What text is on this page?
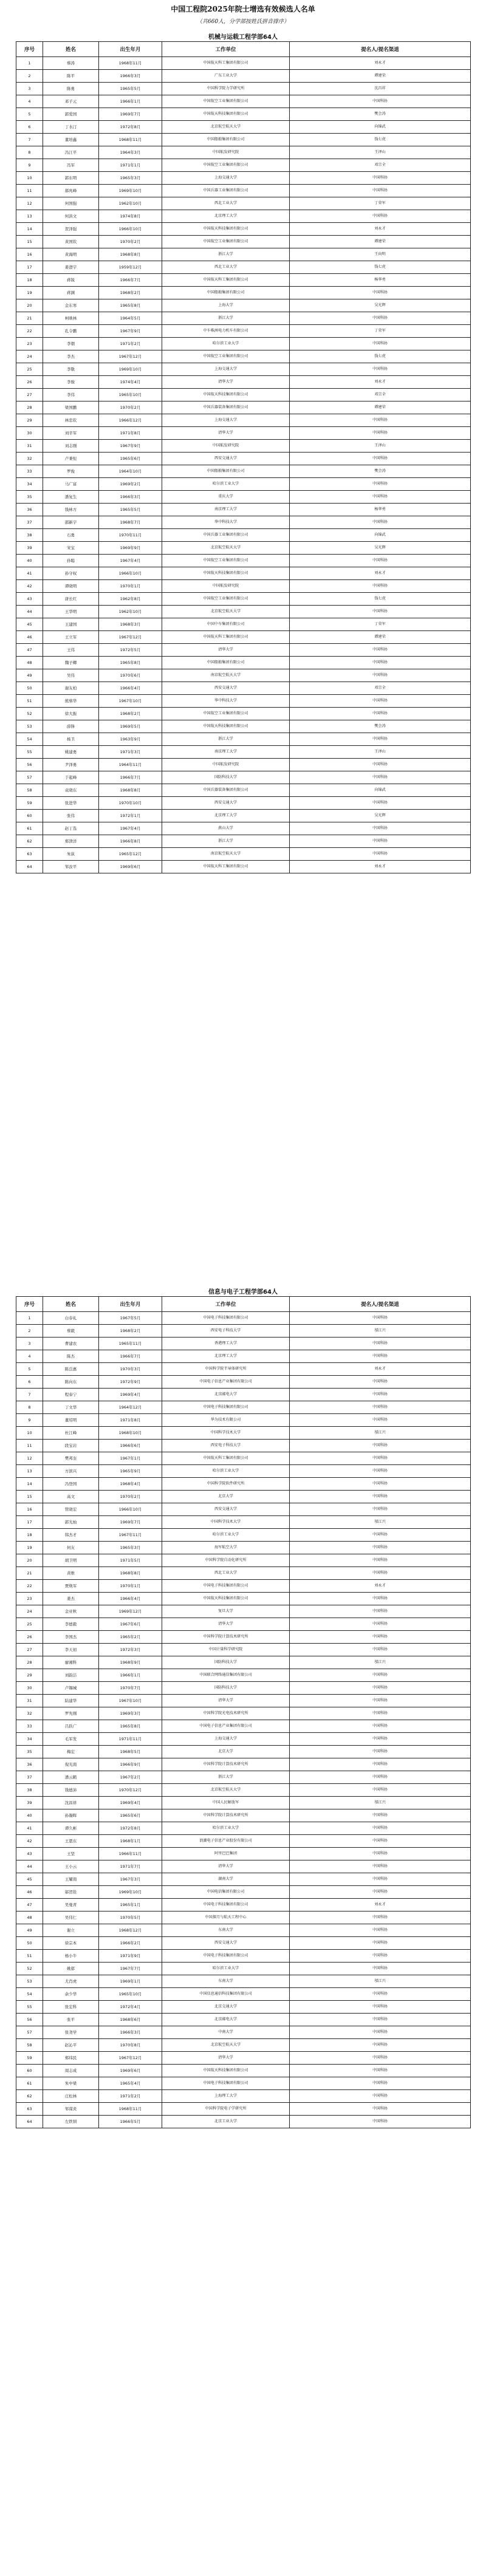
中国工程院2025年院士增选有效候选人名单
（共660人，分学部按姓氏拼音排序）
机械与运载工程学部64人
序号	姓名	出生年月	工作单位	提名人/提名渠道
1	蔡涛	1968年11月	中国航天科工集团有限公司	刘永才
2	陈平	1966年3月	广东工业大学	谭建荣
3	陈勇	1965年5月	中国科学院力学研究所	沈昌祥
4	邓子元	1966年1月	中国航空工业集团有限公司	中国科协
5	郭爱国	1969年7月	中国航天科技集团有限公司	樊会涛
6	丁水汀	1972年8月	北京航空航天大学	向锦武
7	董培鑫	1968年11月	中国船舶集团有限公司	钱七虎
8	冯江平	1964年3月	中国航发研究院	王泽山
9	冯军	1971年1月	中国航空工业集团有限公司	邓宗全
10	郭东明	1965年3月	上海交通大学	中国科协
11	郝兆峰	1969年10月	中国兵器工业集团有限公司	中国科协
12	何国强	1962年10月	西北工业大学	丁荣军
13	何洪文	1974年8月	北京理工大学	中国科协
14	贺泽强	1966年10月	中国航天科技集团有限公司	刘永才
15	黄国钦	1970年2月	中国航空工业集团有限公司	谭建荣
16	黄海明	1968年8月	浙江大学	王向明
17	姜澄宇	1959年12月	西北工业大学	钱七虎
18	蒋锐	1966年7月	中国航天科工集团有限公司	杨华勇
19	蒋渊	1968年2月	中国船舶集团有限公司	中国科协
20	金东寒	1965年8月	上海大学	吴光辉
21	柯映林	1964年5月	浙江大学	中国科协
22	孔令鹏	1967年9月	中车株洲电力机车有限公司	丁荣军
23	李朝	1971年2月	哈尔滨工业大学	中国科协
24	李杰	1967年12月	中国航空工业集团有限公司	钱七虎
25	李敬	1969年10月	上海交通大学	中国科协
26	李骏	1974年4月	清华大学	刘永才
27	李伟	1965年10月	中国航天科技集团有限公司	邓宗全
28	梁国鹏	1970年2月	中国兵器装备集团有限公司	谭建荣
29	林忠钦	1966年12月	上海交通大学	中国科协
30	刘辛军	1971年8月	清华大学	中国科协
31	刘志刚	1967年9月	中国航发研究院	王泽山
32	卢秉恒	1965年6月	西安交通大学	中国科协
33	罗俊	1964年10月	中国船舶集团有限公司	樊会涛
34	马广富	1969年2月	哈尔滨工业大学	中国科协
35	潘复生	1966年3月	重庆大学	中国科协
36	钱林方	1965年5月	南京理工大学	杨华勇
37	邵新宇	1968年7月	华中科技大学	中国科协
38	石勇	1970年11月	中国兵器工业集团有限公司	向锦武
39	宋宝	1969年9月	北京航空航天大学	吴光辉
40	孙聪	1967年4月	中国航空工业集团有限公司	中国科协
41	孙守权	1966年10月	中国航天科技集团有限公司	刘永才
42	谭晓明	1970年1月	中国航发研究院	中国科协
43	唐长红	1962年8月	中国航空工业集团有限公司	钱七虎
44	王华明	1962年10月	北京航空航天大学	中国科协
45	王建国	1968年3月	中国中车集团有限公司	丁荣军
46	王立军	1967年12月	中国航天科工集团有限公司	谭建荣
47	王伟	1972年5月	清华大学	中国科协
48	魏子卿	1965年8月	中国船舶集团有限公司	中国科协
49	吴伟	1970年6月	南京航空航天大学	中国科协
50	谢友柏	1966年4月	西安交通大学	邓宗全
51	熊蔡华	1967年10月	华中科技大学	中国科协
52	徐大振	1968年2月	中国航空工业集团有限公司	中国科协
53	薛锋	1969年5月	中国航天科技集团有限公司	樊会涛
54	杨卫	1963年9月	浙江大学	中国科协
55	姚建勇	1971年3月	南京理工大学	王泽山
56	尹泽勇	1964年11月	中国航发研究院	中国科协
57	于起峰	1966年7月	国防科技大学	中国科协
58	袁晓东	1968年8月	中国兵器装备集团有限公司	向锦武
59	张进华	1970年10月	西安交通大学	中国科协
60	张伟	1972年1月	北京理工大学	吴光辉
61	赵丁选	1967年4月	燕山大学	中国科协
62	郑津洋	1966年8月	浙江大学	中国科协
63	朱荻	1965年12月	南京航空航天大学	中国科协
64	邹汝平	1969年6月	中国航天科工集团有限公司	刘永才
信息与电子工程学部64人
序号	姓名	出生年月	工作单位	提名人/提名渠道
1	白春礼	1967年5月	中国电子科技集团有限公司	中国科协
2	蔡毅	1968年2月	西安电子科技大学	邬江兴
3	曹建农	1965年11月	香港理工大学	中国科协
4	陈杰	1966年7月	北京理工大学	中国科协
5	陈良惠	1970年3月	中国科学院半导体研究所	刘永才
6	陈向东	1972年9月	中国电子信息产业集团有限公司	中国科协
7	程泰宁	1969年4月	北京邮电大学	中国科协
8	丁文华	1964年12月	中国电子科技集团有限公司	中国科协
9	董绍明	1971年8月	华为技术有限公司	中国科协
10	杜江峰	1968年10月	中国科学技术大学	邬江兴
11	段宝岩	1966年6月	西安电子科技大学	中国科协
12	樊邦奎	1967年1月	中国航天科工集团有限公司	中国科协
13	方滨兴	1965年9月	哈尔滨工业大学	中国科协
14	冯登国	1968年4月	中国科学院软件研究所	中国科协
15	高文	1970年2月	北京大学	中国科协
16	管晓宏	1966年10月	西安交通大学	中国科协
17	郭光灿	1969年7月	中国科学技术大学	邬江兴
18	韩杰才	1967年11月	哈尔滨工业大学	中国科协
19	何友	1965年3月	海军航空大学	中国科协
20	胡卫明	1971年5月	中国科学院自动化研究所	中国科协
21	黄维	1968年8月	西北工业大学	中国科协
22	贾焕军	1970年1月	中国电子科技集团有限公司	刘永才
23	姜杰	1966年4月	中国航天科技集团有限公司	中国科协
24	金亚秋	1969年12月	复旦大学	中国科协
25	李德毅	1967年6月	清华大学	中国科协
26	李国杰	1965年2月	中国科学院计算技术研究所	中国科协
27	李天初	1972年3月	中国计量科学研究院	中国科协
28	廖湘科	1968年9月	国防科技大学	邬江兴
29	刘韵洁	1966年1月	中国联合网络通信集团有限公司	中国科协
30	卢锡城	1970年7月	国防科技大学	中国科协
31	陆建华	1967年10月	清华大学	中国科协
32	罗先刚	1969年3月	中国科学院光电技术研究所	中国科协
33	吕跃广	1965年8月	中国电子信息产业集团有限公司	中国科协
34	毛军发	1971年11月	上海交通大学	中国科协
35	梅宏	1968年5月	北京大学	中国科协
36	倪光南	1966年9月	中国科学院计算技术研究所	中国科协
37	潘云鹤	1967年2月	浙江大学	中国科协
38	钱德沛	1970年12月	北京航空航天大学	中国科协
39	沈昌祥	1969年4月	中国人民解放军	邬江兴
40	孙凝晖	1965年6月	中国科学院计算技术研究所	中国科协
41	谭久彬	1972年8月	哈尔滨工业大学	中国科协
42	王恩东	1968年1月	浪潮电子信息产业股份有限公司	中国科协
43	王坚	1966年11月	阿里巴巴集团	中国科协
44	王小云	1971年7月	清华大学	中国科协
45	王耀南	1967年3月	湖南大学	中国科协
46	邬贺铨	1969年10月	中国电信集团有限公司	中国科协
47	吴曼青	1965年1月	中国电子科技集团有限公司	刘永才
48	吴伟仁	1970年5月	中国探月与航天工程中心	中国科协
49	谢立	1968年12月	东南大学	中国科协
50	徐宗本	1966年2月	西安交通大学	中国科协
51	杨小牛	1971年9月	中国电子科技集团有限公司	中国科协
52	姚郁	1967年7月	哈尔滨工业大学	中国科协
53	尤肖虎	1969年1月	东南大学	邬江兴
54	余少华	1965年10月	中国信息通信科技集团有限公司	中国科协
55	张宏科	1972年4月	北京交通大学	中国科协
56	张平	1968年6月	北京邮电大学	中国科协
57	张尧学	1966年3月	中南大学	中国科协
58	赵沁平	1970年8月	北京航空航天大学	中国科协
59	郑纬民	1967年12月	清华大学	中国科协
60	周志成	1969年6月	中国航天科技集团有限公司	中国科协
61	朱中梁	1965年4月	中国电子科技集团有限公司	中国科协
62	庄松林	1971年2月	上海理工大学	中国科协
63	邹谋炎	1968年11月	中国科学院电子学研究所	中国科协
64	左铁钏	1966年5月	北京工业大学	中国科协
